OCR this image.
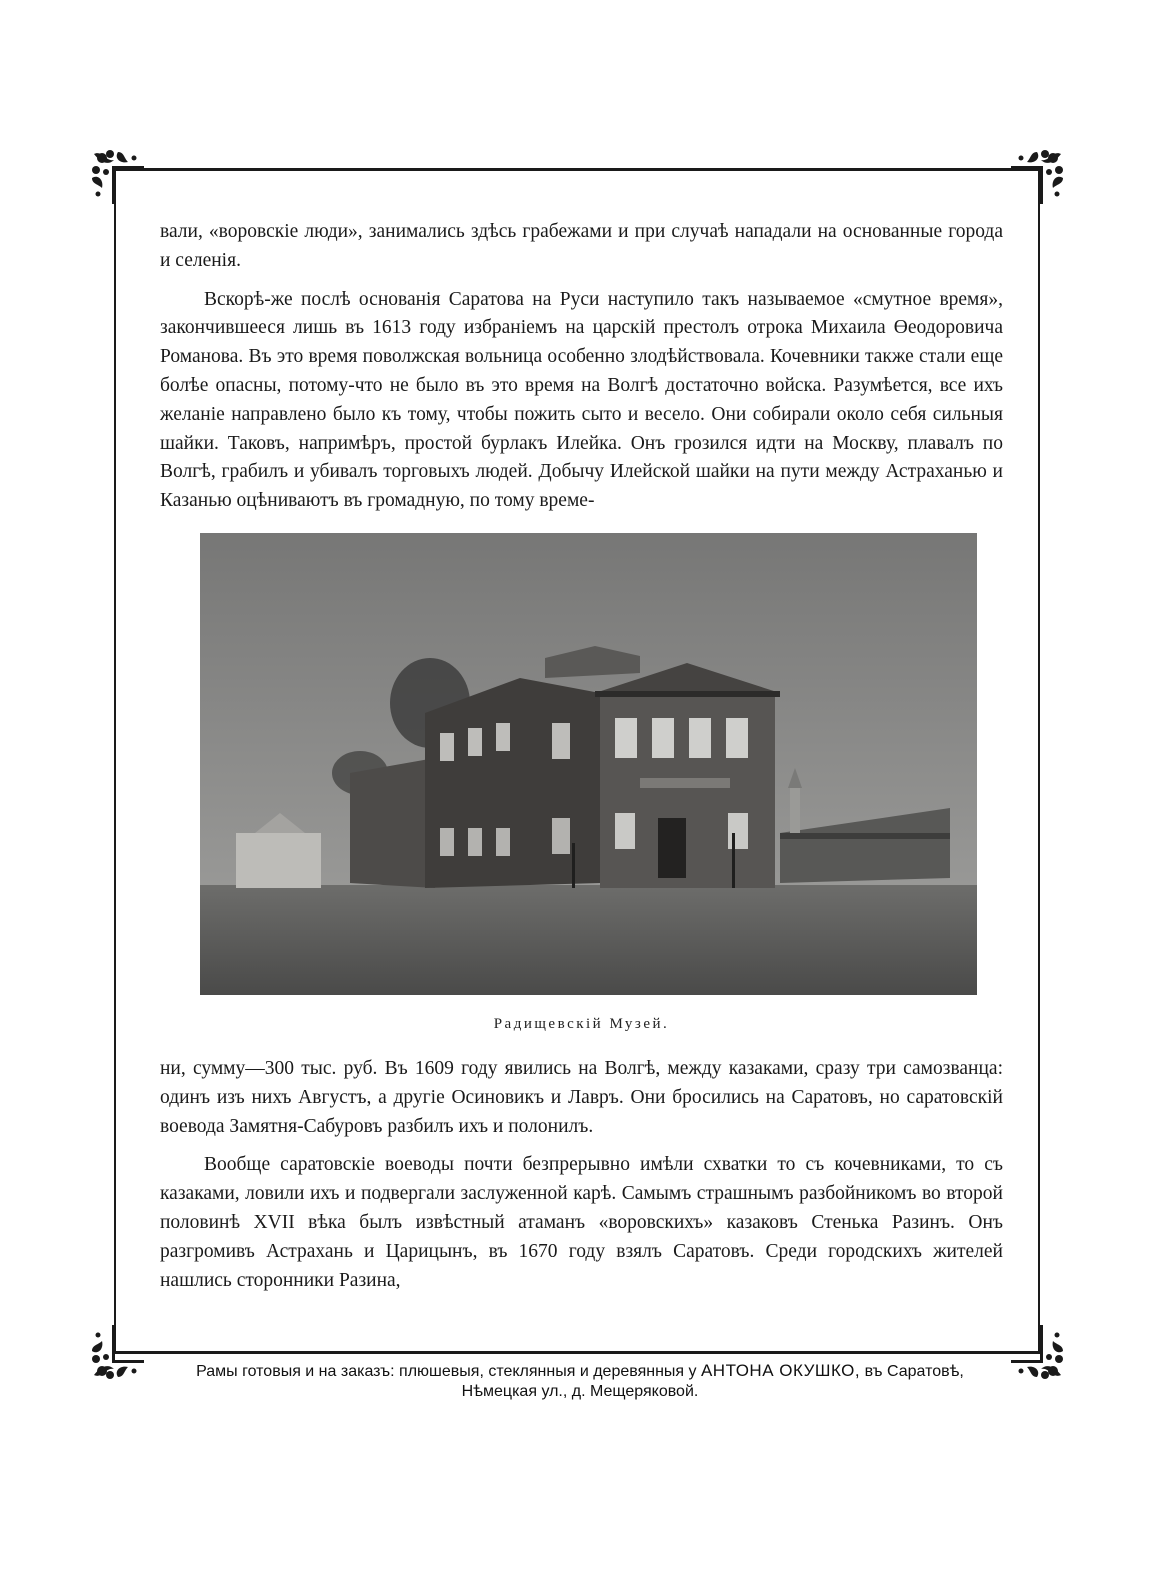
вали, «воровскіе люди», занимались здѣсь грабежами и при случаѣ нападали на основанные города и селенія.

Вскорѣ-же послѣ основанія Саратова на Руси наступило такъ называемое «смутное время», закончившееся лишь въ 1613 году избраніемъ на царскій престолъ отрока Михаила Өеодоровича Романова. Въ это время поволжская вольница особенно злодѣйствовала. Кочевники также стали еще болѣе опасны, потому-что не было въ это время на Волгѣ достаточно войска. Разумѣется, все ихъ желаніе направлено было къ тому, чтобы пожить сыто и весело. Они собирали около себя сильныя шайки. Таковъ, напримѣръ, простой бурлакъ Илейка. Онъ грозился идти на Москву, плавалъ по Волгѣ, грабилъ и убивалъ торговыхъ людей. Добычу Илейской шайки на пути между Астраханью и Казанью оцѣниваютъ въ громадную, по тому време-

Радищевскій Музей.

ни, сумму—300 тыс. руб. Въ 1609 году явились на Волгѣ, между казаками, сразу три самозванца: одинъ изъ нихъ Августъ, а другіе Осиновикъ и Лавръ. Они бросились на Саратовъ, но саратовскій воевода Замятня-Сабуровъ разбилъ ихъ и полонилъ.

Вообще саратовскіе воеводы почти безпрерывно имѣли схватки то съ кочевниками, то съ казаками, ловили ихъ и подвергали заслуженной карѣ. Самымъ страшнымъ разбойникомъ во второй половинѣ XVII вѣка былъ извѣстный атаманъ «воровскихъ» казаковъ Стенька Разинъ. Онъ разгромивъ Астрахань и Царицынъ, въ 1670 году взялъ Саратовъ. Среди городскихъ жителей нашлись сторонники Разина,

Рамы готовыя и на заказъ: плюшевыя, стеклянныя и деревянныя у АНТОНА ОКУШКО, въ Саратовѣ,
Нѣмецкая ул., д. Мещеряковой.
